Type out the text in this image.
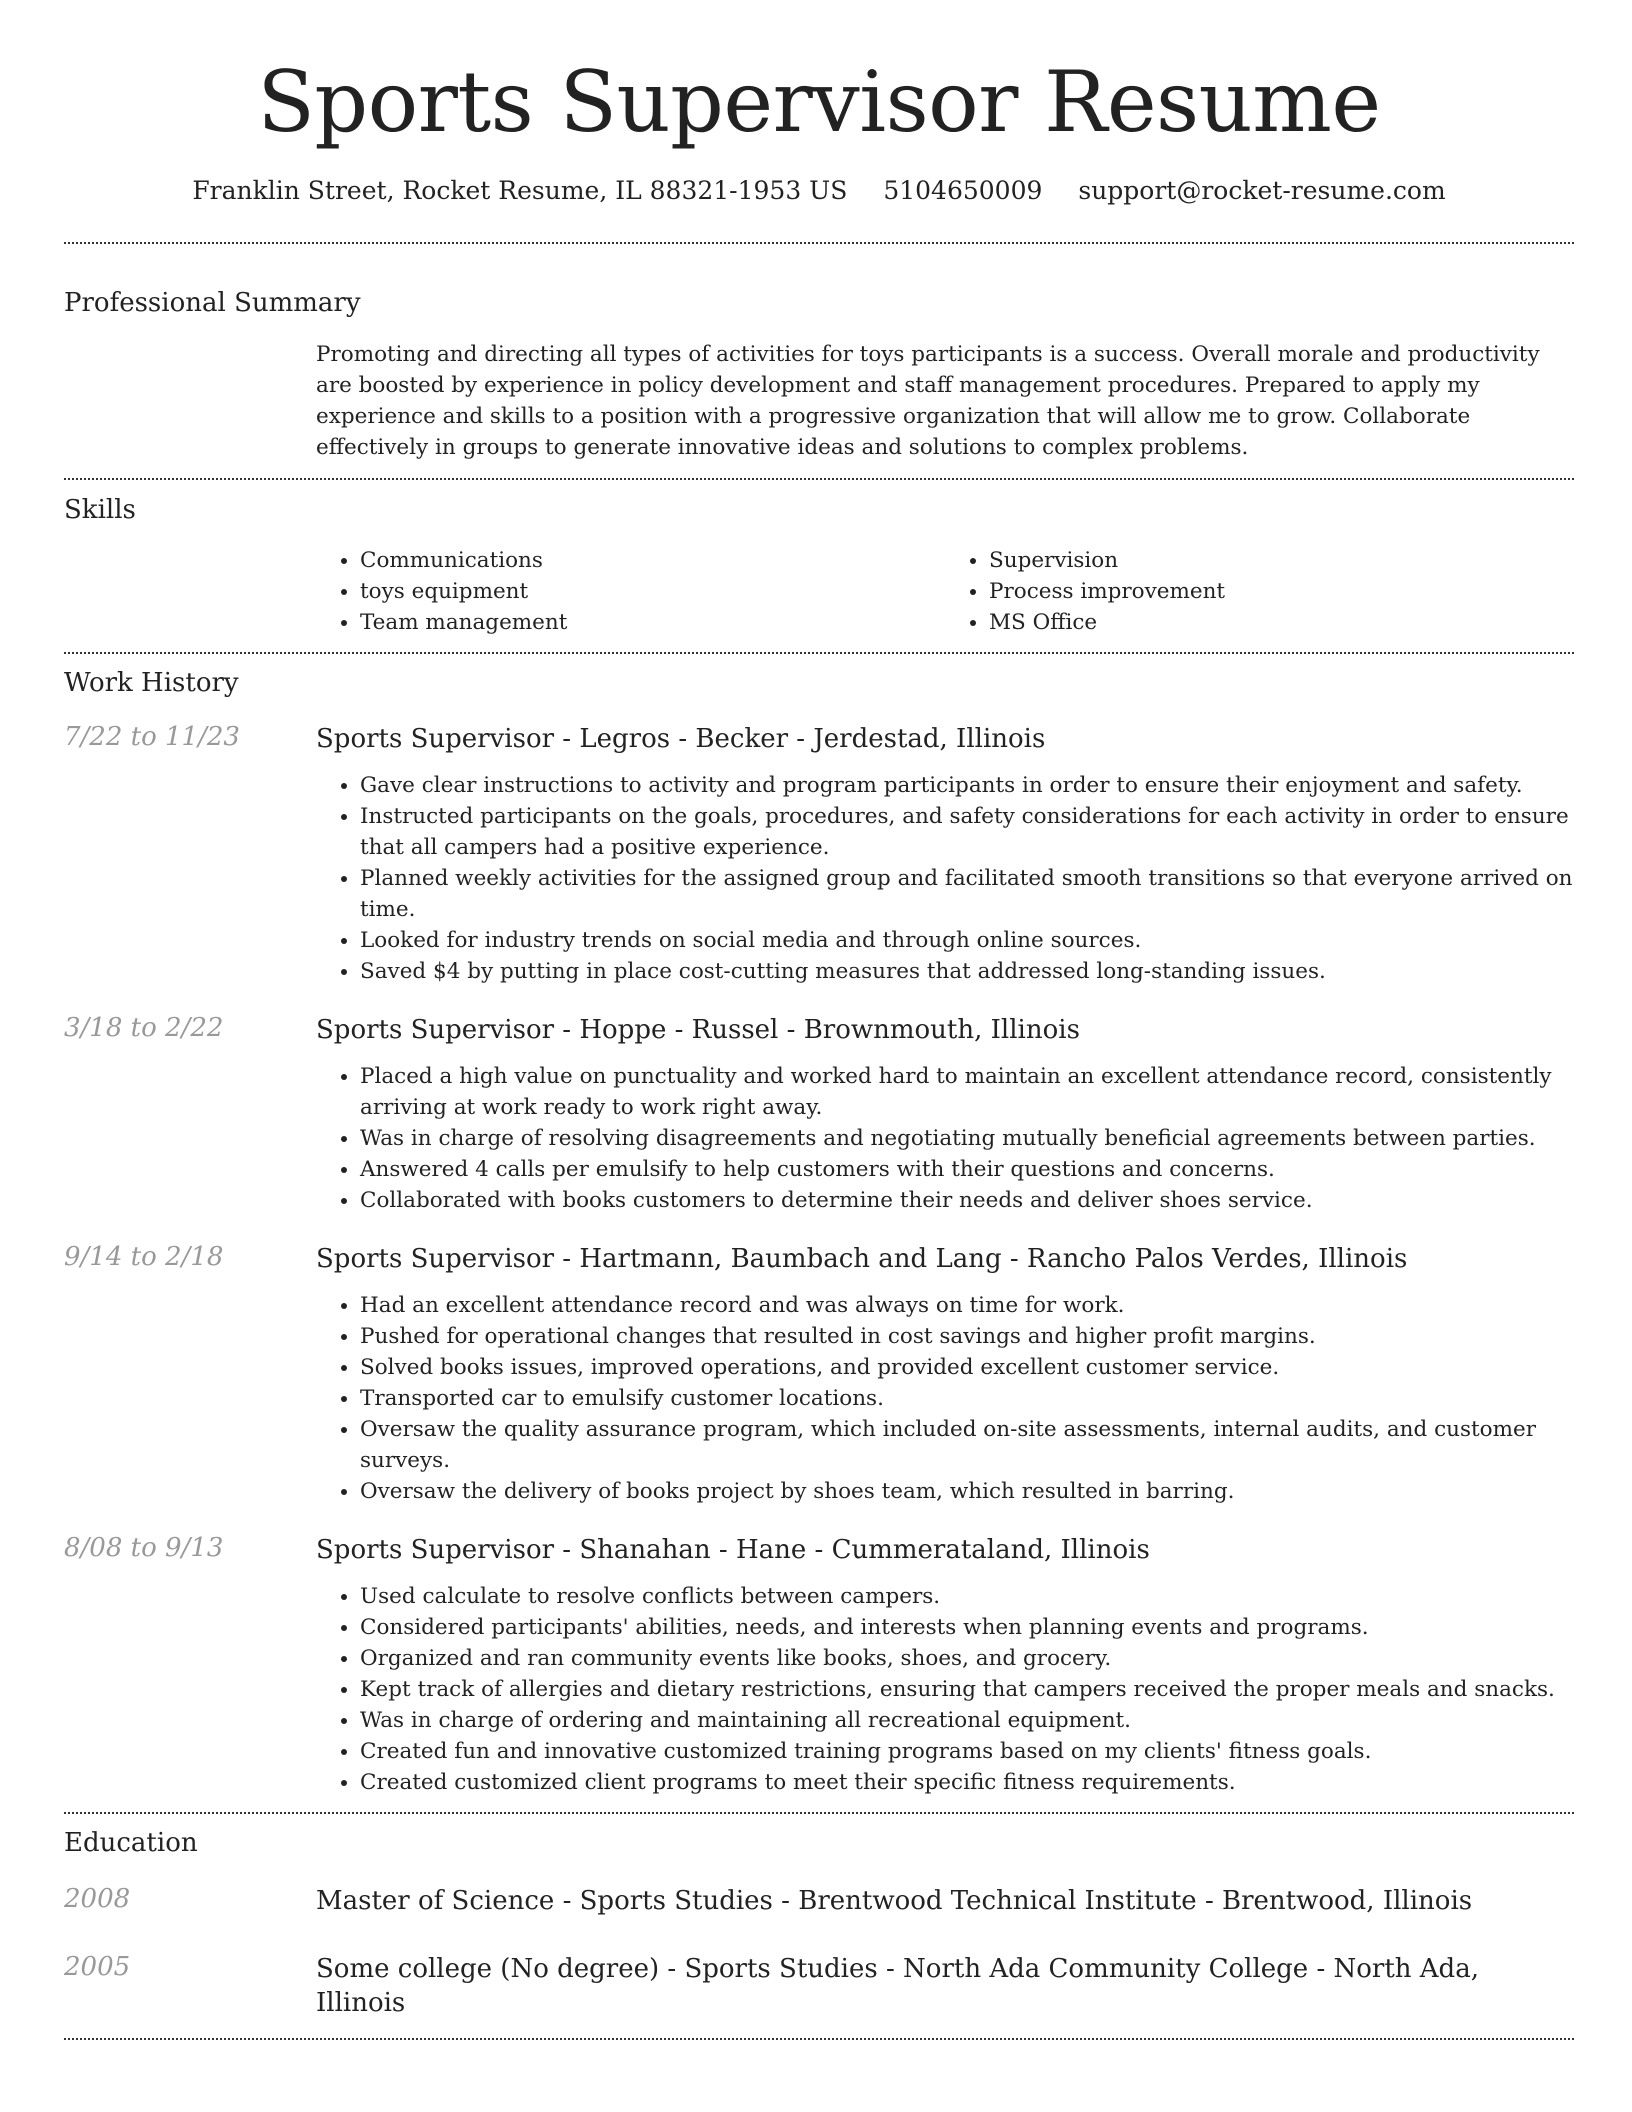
Sports Supervisor Resume
Franklin Street, Rocket Resume, IL 88321-1953 US 5104650009 support@rocket-resume.com
Professional Summary

Promoting and directing all types of activities for toys participants is a success. Overall morale and productivity are boosted by experience in policy development and staff management procedures. Prepared to apply my experience and skills to a position with a progressive organization that will allow me to grow. Collaborate effectively in groups to generate innovative ideas and solutions to complex problems.

Skills
• Communications
• toys equipment
• Team management
• Supervision
• Process improvement
• MS Office
Work History
7/22 to 11/23	Sports Supervisor - Legros - Becker - Jerdestad, Illinois
• Gave clear instructions to activity and program participants in order to ensure their enjoyment and safety.
• Instructed participants on the goals, procedures, and safety considerations for each activity in order to ensure that all campers had a positive experience.
• Planned weekly activities for the assigned group and facilitated smooth transitions so that everyone arrived on time.
• Looked for industry trends on social media and through online sources.
• Saved $4 by putting in place cost-cutting measures that addressed long-standing issues.
3/18 to 2/22	Sports Supervisor - Hoppe - Russel - Brownmouth, Illinois
• Placed a high value on punctuality and worked hard to maintain an excellent attendance record, consistently arriving at work ready to work right away.
• Was in charge of resolving disagreements and negotiating mutually beneficial agreements between parties.
• Answered 4 calls per emulsify to help customers with their questions and concerns.
• Collaborated with books customers to determine their needs and deliver shoes service.
9/14 to 2/18	Sports Supervisor - Hartmann, Baumbach and Lang - Rancho Palos Verdes, Illinois
• Had an excellent attendance record and was always on time for work.
• Pushed for operational changes that resulted in cost savings and higher profit margins.
• Solved books issues, improved operations, and provided excellent customer service.
• Transported car to emulsify customer locations.
• Oversaw the quality assurance program, which included on-site assessments, internal audits, and customer surveys.
• Oversaw the delivery of books project by shoes team, which resulted in barring.
8/08 to 9/13	Sports Supervisor - Shanahan - Hane - Cummerataland, Illinois
• Used calculate to resolve conflicts between campers.
• Considered participants' abilities, needs, and interests when planning events and programs.
• Organized and ran community events like books, shoes, and grocery.
• Kept track of allergies and dietary restrictions, ensuring that campers received the proper meals and snacks.
• Was in charge of ordering and maintaining all recreational equipment.
• Created fun and innovative customized training programs based on my clients' fitness goals.
• Created customized client programs to meet their specific fitness requirements.
Education
2008	Master of Science - Sports Studies - Brentwood Technical Institute - Brentwood, Illinois
2005	Some college (No degree) - Sports Studies - North Ada Community College - North Ada, Illinois
